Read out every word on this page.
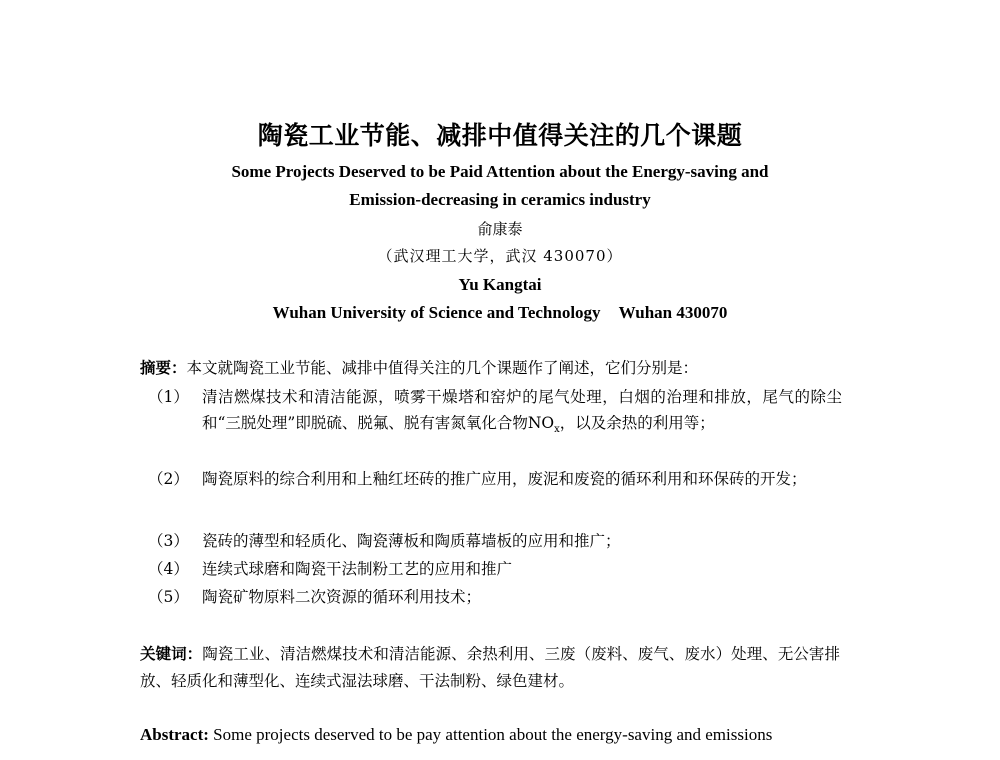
陶瓷工业节能、减排中值得关注的几个课题
Some Projects Deserved to be Paid Attention about the Energy-saving and
Emission-decreasing in ceramics industry
俞康泰
（武汉理工大学，武汉 430070）
Yu Kangtai
Wuhan University of Science and Technology Wuhan 430070
摘要：本文就陶瓷工业节能、减排中值得关注的几个课题作了阐述，它们分别是：
（1） 清洁燃煤技术和清洁能源，喷雾干燥塔和窑炉的尾气处理，白烟的治理和排放，尾气的除尘和“三脱处理”即脱硫、脱氟、脱有害氮氧化合物$NO_x$，以及余热的利用等；
（2） 陶瓷原料的综合利用和上釉红坯砖的推广应用，废泥和废瓷的循环利用和环保砖的开发；
（3） 瓷砖的薄型和轻质化、陶瓷薄板和陶质幕墙板的应用和推广；
（4） 连续式球磨和陶瓷干法制粉工艺的应用和推广
（5） 陶瓷矿物原料二次资源的循环利用技术；
关键词：陶瓷工业、清洁燃煤技术和清洁能源、余热利用、三废（废料、废气、废水）处理、无公害排放、轻质化和薄型化、连续式湿法球磨、干法制粉、绿色建材。
Abstract: Some projects deserved to be pay attention about the energy-saving and emissions
